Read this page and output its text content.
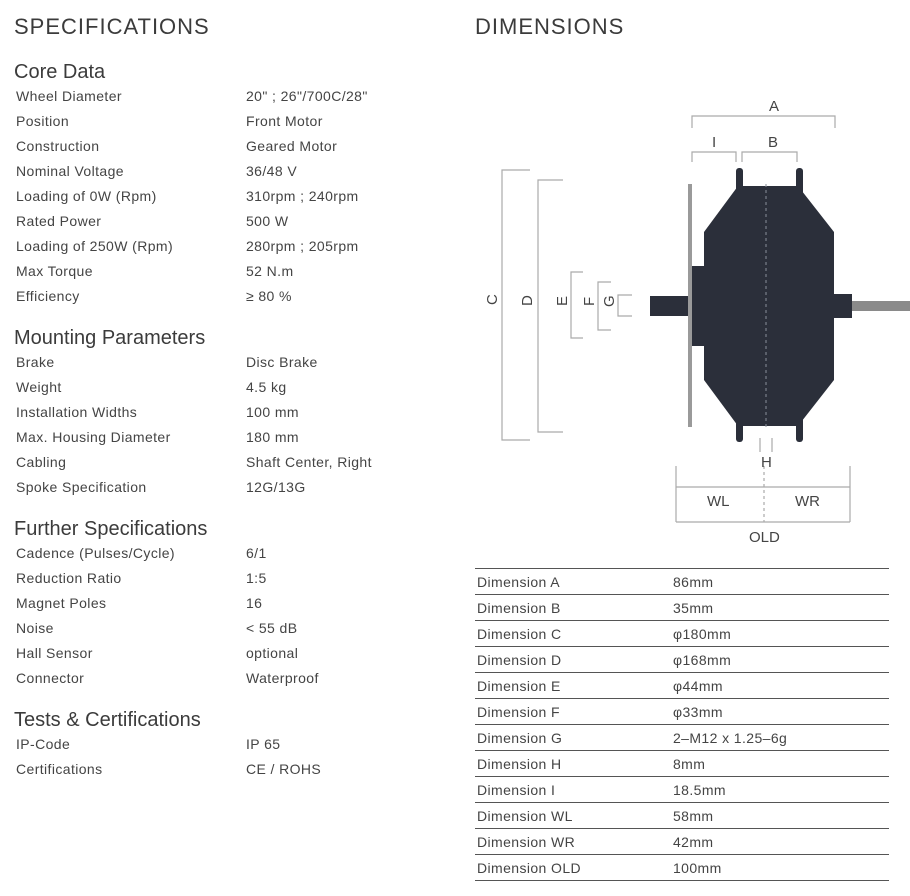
SPECIFICATIONS	DIMENSIONS
Core Data
Wheel Diameter	20" ; 26"/700C/28"
Position	Front Motor
Construction	Geared Motor
Nominal Voltage	36/48 V
Loading of 0W (Rpm)	310rpm ; 240rpm
Rated Power	500 W
Loading of 250W (Rpm)	280rpm ; 205rpm
Max Torque	52 N.m
Efficiency	≥ 80 %
Mounting Parameters
Brake	Disc Brake
Weight	4.5 kg
Installation Widths	100 mm
Max. Housing Diameter	180 mm
Cabling	Shaft Center, Right
Spoke Specification	12G/13G
Further Specifications
Cadence (Pulses/Cycle)	6/1
Reduction Ratio	1:5
Magnet Poles	16
Noise	< 55 dB
Hall Sensor	optional
Connector	Waterproof
Tests & Certifications
IP-Code	IP 65
Certifications	CE / ROHS
A
I	B
C D E F G
H
WL	WR
OLD
Dimension A	86mm
Dimension B	35mm
Dimension C	φ180mm
Dimension D	φ168mm
Dimension E	φ44mm
Dimension F	φ33mm
Dimension G	2–M12 x 1.25–6g
Dimension H	8mm
Dimension I	18.5mm
Dimension WL	58mm
Dimension WR	42mm
Dimension OLD	100mm
